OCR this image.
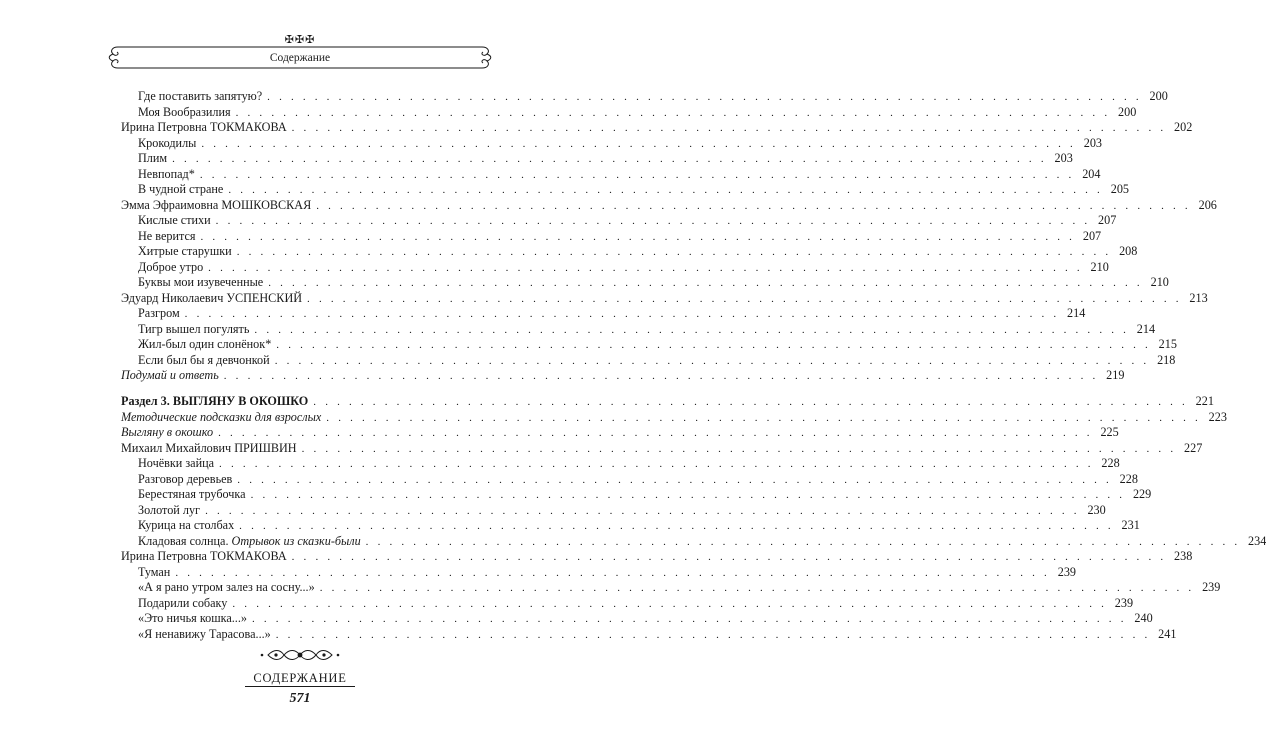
✠✠✠
Содержание
Где поставить запятую? . . . . . . . . . . . . . . . . . . . . . . . . . . . . . . . . . . . . . . . . . . . . . . . . . . . . . . . . . . . . . . . . . . . . . . . . . . 200
Моя Вообразилия . . . . . . . . . . . . . . . . . . . . . . . . . . . . . . . . . . . . . . . . . . . . . . . . . . . . . . . . . . . . . . . . . . . . . . . . . . 200
Ирина Петровна ТОКМАКОВА . . . . . . . . . . . . . . . . . . . . . . . . . . . . . . . . . . . . . . . . . . . . . . . . . . . . . . . . . . . . . . . . . . . . . . . . . . 202
Крокодилы . . . . . . . . . . . . . . . . . . . . . . . . . . . . . . . . . . . . . . . . . . . . . . . . . . . . . . . . . . . . . . . . . . . . . . . . . . 203
Плим . . . . . . . . . . . . . . . . . . . . . . . . . . . . . . . . . . . . . . . . . . . . . . . . . . . . . . . . . . . . . . . . . . . . . . . . . . 203
Невпопад* . . . . . . . . . . . . . . . . . . . . . . . . . . . . . . . . . . . . . . . . . . . . . . . . . . . . . . . . . . . . . . . . . . . . . . . . . . 204
В чудной стране . . . . . . . . . . . . . . . . . . . . . . . . . . . . . . . . . . . . . . . . . . . . . . . . . . . . . . . . . . . . . . . . . . . . . . . . . . 205
Эмма Эфраимовна МОШКОВСКАЯ . . . . . . . . . . . . . . . . . . . . . . . . . . . . . . . . . . . . . . . . . . . . . . . . . . . . . . . . . . . . . . . . . . . . . . . . . . 206
Кислые стихи . . . . . . . . . . . . . . . . . . . . . . . . . . . . . . . . . . . . . . . . . . . . . . . . . . . . . . . . . . . . . . . . . . . . . . . . . . 207
Не верится . . . . . . . . . . . . . . . . . . . . . . . . . . . . . . . . . . . . . . . . . . . . . . . . . . . . . . . . . . . . . . . . . . . . . . . . . . 207
Хитрые старушки . . . . . . . . . . . . . . . . . . . . . . . . . . . . . . . . . . . . . . . . . . . . . . . . . . . . . . . . . . . . . . . . . . . . . . . . . . 208
Доброе утро . . . . . . . . . . . . . . . . . . . . . . . . . . . . . . . . . . . . . . . . . . . . . . . . . . . . . . . . . . . . . . . . . . . . . . . . . . 210
Буквы мои изувеченные . . . . . . . . . . . . . . . . . . . . . . . . . . . . . . . . . . . . . . . . . . . . . . . . . . . . . . . . . . . . . . . . . . . . . . . . . . 210
Эдуард Николаевич УСПЕНСКИЙ . . . . . . . . . . . . . . . . . . . . . . . . . . . . . . . . . . . . . . . . . . . . . . . . . . . . . . . . . . . . . . . . . . . . . . . . . . 213
Разгром . . . . . . . . . . . . . . . . . . . . . . . . . . . . . . . . . . . . . . . . . . . . . . . . . . . . . . . . . . . . . . . . . . . . . . . . . . 214
Тигр вышел погулять . . . . . . . . . . . . . . . . . . . . . . . . . . . . . . . . . . . . . . . . . . . . . . . . . . . . . . . . . . . . . . . . . . . . . . . . . . 214
Жил-был один слонёнок* . . . . . . . . . . . . . . . . . . . . . . . . . . . . . . . . . . . . . . . . . . . . . . . . . . . . . . . . . . . . . . . . . . . . . . . . . . 215
Если был бы я девчонкой . . . . . . . . . . . . . . . . . . . . . . . . . . . . . . . . . . . . . . . . . . . . . . . . . . . . . . . . . . . . . . . . . . . . . . . . . . 218
Подумай и ответь . . . . . . . . . . . . . . . . . . . . . . . . . . . . . . . . . . . . . . . . . . . . . . . . . . . . . . . . . . . . . . . . . . . . . . . . . . 219
Раздел 3. ВЫГЛЯНУ В ОКОШКО . . . . . . . . . . . . . . . . . . . . . . . . . . . . . . . . . . . . . . . . . . . . . . . . . . . . . . . . . . . . . . . . . . . . . . . . . . 221
Методические подсказки для взрослых . . . . . . . . . . . . . . . . . . . . . . . . . . . . . . . . . . . . . . . . . . . . . . . . . . . . . . . . . . . . . . . . . . . . . . . . . . 223
Выгляну в окошко . . . . . . . . . . . . . . . . . . . . . . . . . . . . . . . . . . . . . . . . . . . . . . . . . . . . . . . . . . . . . . . . . . . . . . . . . . 225
Михаил Михайлович ПРИШВИН . . . . . . . . . . . . . . . . . . . . . . . . . . . . . . . . . . . . . . . . . . . . . . . . . . . . . . . . . . . . . . . . . . . . . . . . . . 227
Ночёвки зайца . . . . . . . . . . . . . . . . . . . . . . . . . . . . . . . . . . . . . . . . . . . . . . . . . . . . . . . . . . . . . . . . . . . . . . . . . . 228
Разговор деревьев . . . . . . . . . . . . . . . . . . . . . . . . . . . . . . . . . . . . . . . . . . . . . . . . . . . . . . . . . . . . . . . . . . . . . . . . . . 228
Берестяная трубочка . . . . . . . . . . . . . . . . . . . . . . . . . . . . . . . . . . . . . . . . . . . . . . . . . . . . . . . . . . . . . . . . . . . . . . . . . . 229
Золотой луг . . . . . . . . . . . . . . . . . . . . . . . . . . . . . . . . . . . . . . . . . . . . . . . . . . . . . . . . . . . . . . . . . . . . . . . . . . 230
Курица на столбах . . . . . . . . . . . . . . . . . . . . . . . . . . . . . . . . . . . . . . . . . . . . . . . . . . . . . . . . . . . . . . . . . . . . . . . . . . 231
Кладовая солнца. Отрывок из сказки-были . . . . . . . . . . . . . . . . . . . . . . . . . . . . . . . . . . . . . . . . . . . . . . . . . . . . . . . . . . . . . . . . . . . . . . . . . . 234
Ирина Петровна ТОКМАКОВА . . . . . . . . . . . . . . . . . . . . . . . . . . . . . . . . . . . . . . . . . . . . . . . . . . . . . . . . . . . . . . . . . . . . . . . . . . 238
Туман . . . . . . . . . . . . . . . . . . . . . . . . . . . . . . . . . . . . . . . . . . . . . . . . . . . . . . . . . . . . . . . . . . . . . . . . . . 239
«А я рано утром залез на сосну...» . . . . . . . . . . . . . . . . . . . . . . . . . . . . . . . . . . . . . . . . . . . . . . . . . . . . . . . . . . . . . . . . . . . . . . . . . . 239
Подарили собаку . . . . . . . . . . . . . . . . . . . . . . . . . . . . . . . . . . . . . . . . . . . . . . . . . . . . . . . . . . . . . . . . . . . . . . . . . . 239
«Это ничья кошка...» . . . . . . . . . . . . . . . . . . . . . . . . . . . . . . . . . . . . . . . . . . . . . . . . . . . . . . . . . . . . . . . . . . . . . . . . . . 240
«Я ненавижу Тарасова...» . . . . . . . . . . . . . . . . . . . . . . . . . . . . . . . . . . . . . . . . . . . . . . . . . . . . . . . . . . . . . . . . . . . . . . . . . . 241
СОДЕРЖАНИЕ
571
